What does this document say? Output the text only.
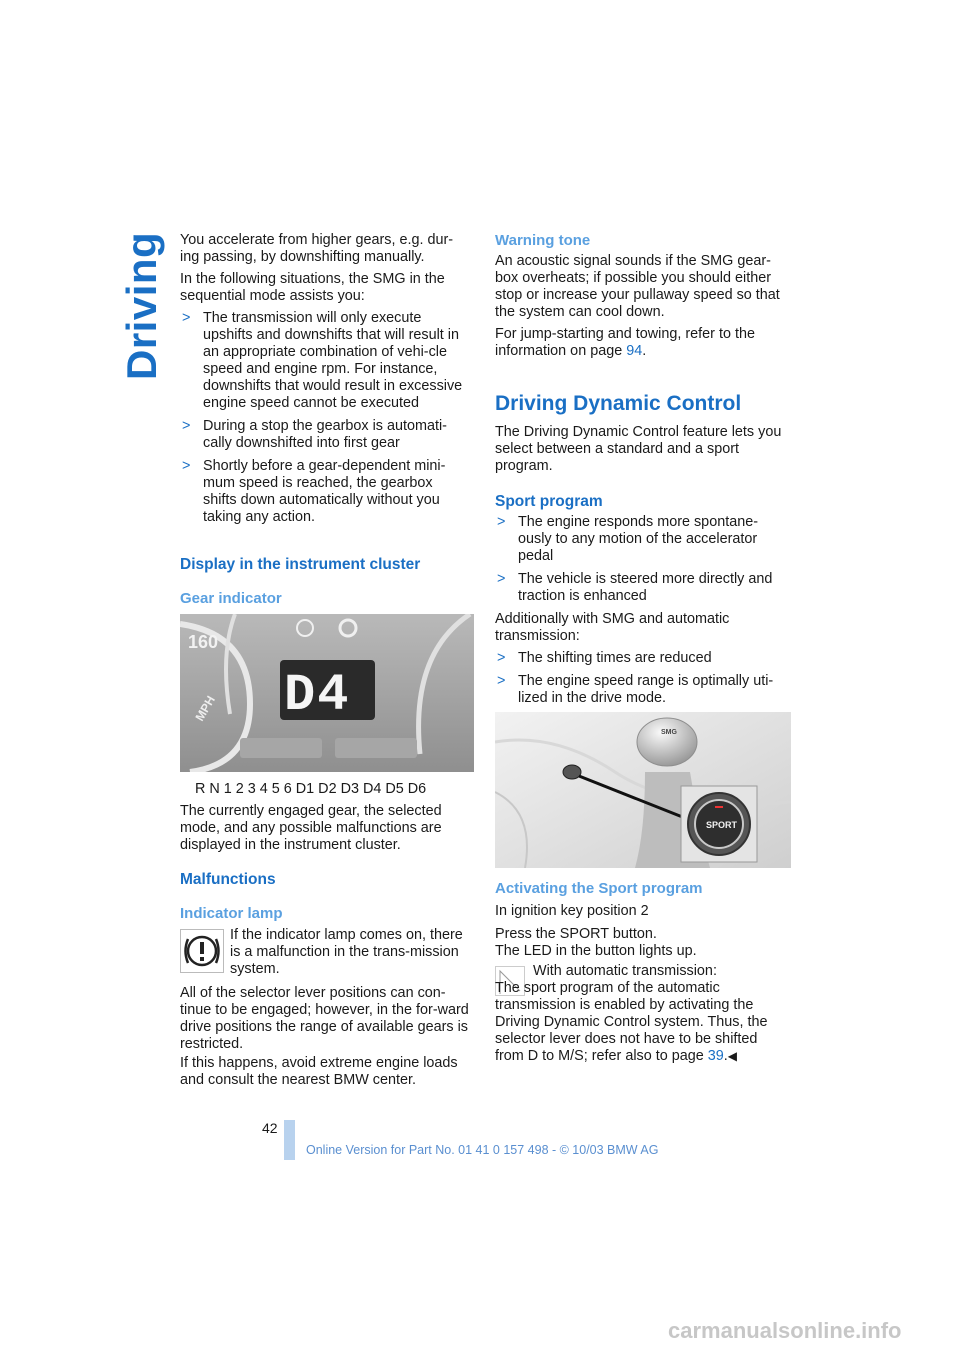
Driving You accelerate from higher gears, e.g. dur-ing passing, by downshifting manually.

In the following situations, the SMG in the sequential mode assists you:

> The transmission will only execute upshifts and downshifts that will result in an appropriate combination of vehi-cle speed and engine rpm. For instance, downshifts that would result in excessive engine speed cannot be executed
> During a stop the gearbox is automati-cally downshifted into first gear
> Shortly before a gear-dependent mini-mum speed is reached, the gearbox shifts down automatically without you taking any action.
Display in the instrument cluster
Gear indicator
160
MPH D4
R N 1 2 3 4 5 6 D1 D2 D3 D4 D5 D6
The currently engaged gear, the selected mode, and any possible malfunctions are displayed in the instrument cluster.
Malfunctions
Indicator lamp
If the indicator lamp comes on, there is a malfunction in the trans-mission system.
All of the selector lever positions can con-tinue to be engaged; however, in the for-ward drive positions the range of available gears is restricted.
If this happens, avoid extreme engine loads and consult the nearest BMW center.
Warning tone

An acoustic signal sounds if the SMG gear-box overheats; if possible you should either stop or increase your pullaway speed so that the system can cool down.

For jump-starting and towing, refer to the information on page 94.

Driving Dynamic Control
The Driving Dynamic Control feature lets you select between a standard and a sport program.
Sport program
> The engine responds more spontane-ously to any motion of the accelerator pedal
> The vehicle is steered more directly and traction is enhanced

Additionally with SMG and automatic transmission:

> The shifting times are reduced
> The engine speed range is optimally uti-lized in the drive mode.
SMG
SPORT
Activating the Sport program

In ignition key position 2

Press the SPORT button.
The LED in the button lights up.
With automatic transmission:

The sport program of the automatic transmission is enabled by activating the Driving Dynamic Control system. Thus, the selector lever does not have to be shifted from D to M/S; refer also to page 39.◀
42
Online Version for Part No. 01 41 0 157 498 - © 10/03 BMW AG
carmanualsonline.info
